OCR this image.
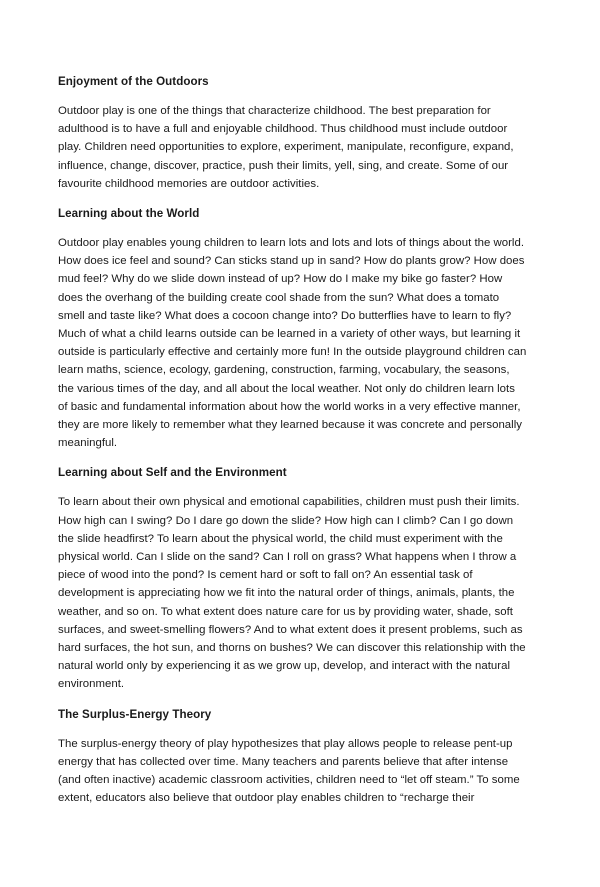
Enjoyment of the Outdoors
Outdoor play is one of the things that characterize childhood. The best preparation for
adulthood is to have a full and enjoyable childhood. Thus childhood must include outdoor
play. Children need opportunities to explore, experiment, manipulate, reconfigure, expand,
influence, change, discover, practice, push their limits, yell, sing, and create. Some of our
favourite childhood memories are outdoor activities.
Learning about the World
Outdoor play enables young children to learn lots and lots and lots of things about the world.
How does ice feel and sound? Can sticks stand up in sand? How do plants grow? How does
mud feel? Why do we slide down instead of up? How do I make my bike go faster? How
does the overhang of the building create cool shade from the sun? What does a tomato
smell and taste like? What does a cocoon change into? Do butterflies have to learn to fly?
Much of what a child learns outside can be learned in a variety of other ways, but learning it
outside is particularly effective and certainly more fun! In the outside playground children can
learn maths, science, ecology, gardening, construction, farming, vocabulary, the seasons,
the various times of the day, and all about the local weather. Not only do children learn lots
of basic and fundamental information about how the world works in a very effective manner,
they are more likely to remember what they learned because it was concrete and personally
meaningful.
Learning about Self and the Environment
To learn about their own physical and emotional capabilities, children must push their limits.
How high can I swing? Do I dare go down the slide? How high can I climb? Can I go down
the slide headfirst? To learn about the physical world, the child must experiment with the
physical world. Can I slide on the sand? Can I roll on grass? What happens when I throw a
piece of wood into the pond? Is cement hard or soft to fall on? An essential task of
development is appreciating how we fit into the natural order of things, animals, plants, the
weather, and so on. To what extent does nature care for us by providing water, shade, soft
surfaces, and sweet-smelling flowers? And to what extent does it present problems, such as
hard surfaces, the hot sun, and thorns on bushes? We can discover this relationship with the
natural world only by experiencing it as we grow up, develop, and interact with the natural
environment.
The Surplus-Energy Theory
The surplus-energy theory of play hypothesizes that play allows people to release pent-up
energy that has collected over time. Many teachers and parents believe that after intense
(and often inactive) academic classroom activities, children need to “let off steam.” To some
extent, educators also believe that outdoor play enables children to “recharge their
